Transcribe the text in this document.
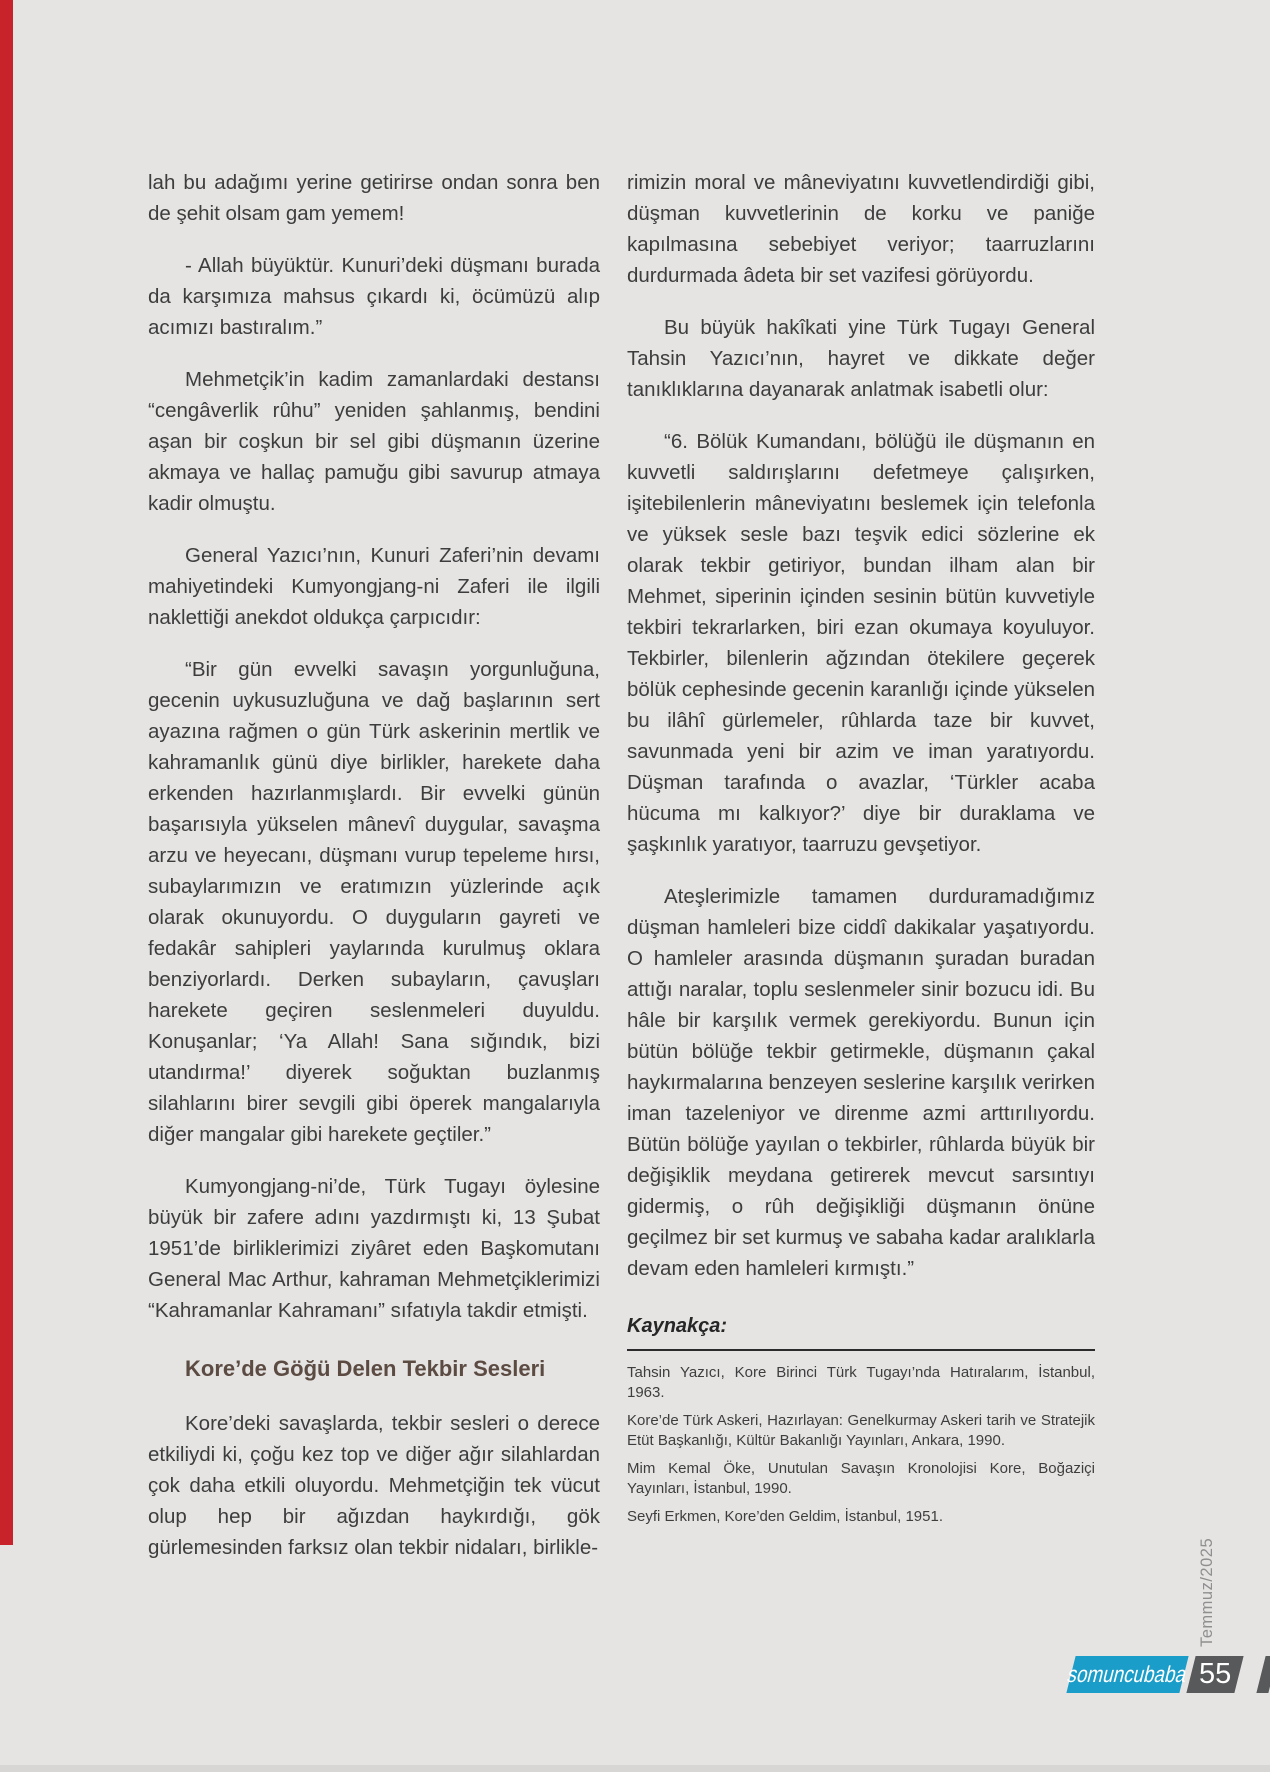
lah bu adağımı yerine getirirse ondan sonra ben de şehit olsam gam yemem!

- Allah büyüktür. Kunuri’deki düşmanı burada da karşımıza mahsus çıkardı ki, öcümüzü alıp acımızı bastıralım.”

Mehmetçik’in kadim zamanlardaki destansı “cengâverlik rûhu” yeniden şahlanmış, bendini aşan bir coşkun bir sel gibi düşmanın üzerine akmaya ve hallaç pamuğu gibi savurup atmaya kadir olmuştu.

General Yazıcı’nın, Kunuri Zaferi’nin devamı mahiyetindeki Kumyongjang-ni Zaferi ile ilgili naklettiği anekdot oldukça çarpıcıdır:

“Bir gün evvelki savaşın yorgunluğuna, gecenin uykusuzluğuna ve dağ başlarının sert ayazına rağmen o gün Türk askerinin mertlik ve kahramanlık günü diye birlikler, harekete daha erkenden hazırlanmışlardı. Bir evvelki günün başarısıyla yükselen mânevî duygular, savaşma arzu ve heyecanı, düşmanı vurup tepeleme hırsı, subaylarımızın ve eratımızın yüzlerinde açık olarak okunuyordu. O duyguların gayreti ve fedakâr sahipleri yaylarında kurulmuş oklara benziyorlardı. Derken subayların, çavuşları harekete geçiren seslenmeleri duyuldu. Konuşanlar; ‘Ya Allah! Sana sığındık, bizi utandırma!’ diyerek soğuktan buzlanmış silahlarını birer sevgili gibi öperek mangalarıyla diğer mangalar gibi harekete geçtiler.”

Kumyongjang-ni’de, Türk Tugayı öylesine büyük bir zafere adını yazdırmıştı ki, 13 Şubat 1951’de birliklerimizi ziyâret eden Başkomutanı General Mac Arthur, kahraman Mehmetçiklerimizi “Kahramanlar Kahramanı” sıfatıyla takdir etmişti.

Kore’de Göğü Delen Tekbir Sesleri

Kore’deki savaşlarda, tekbir sesleri o derece etkiliydi ki, çoğu kez top ve diğer ağır silahlardan çok daha etkili oluyordu. Mehmetçiğin tek vücut olup hep bir ağızdan haykırdığı, gök gürlemesinden farksız olan tekbir nidaları, birlikle-

rimizin moral ve mâneviyatını kuvvetlendirdiği gibi, düşman kuvvetlerinin de korku ve paniğe kapılmasına sebebiyet veriyor; taarruzlarını durdurmada âdeta bir set vazifesi görüyordu.

Bu büyük hakîkati yine Türk Tugayı General Tahsin Yazıcı’nın, hayret ve dikkate değer tanıklıklarına dayanarak anlatmak isabetli olur:

“6. Bölük Kumandanı, bölüğü ile düşmanın en kuvvetli saldırışlarını defetmeye çalışırken, işitebilenlerin mâneviyatını beslemek için telefonla ve yüksek sesle bazı teşvik edici sözlerine ek olarak tekbir getiriyor, bundan ilham alan bir Mehmet, siperinin içinden sesinin bütün kuvvetiyle tekbiri tekrarlarken, biri ezan okumaya koyuluyor. Tekbirler, bilenlerin ağzından ötekilere geçerek bölük cephesinde gecenin karanlığı içinde yükselen bu ilâhî gürlemeler, rûhlarda taze bir kuvvet, savunmada yeni bir azim ve iman yaratıyordu. Düşman tarafında o avazlar, ‘Türkler acaba hücuma mı kalkıyor?’ diye bir duraklama ve şaşkınlık yaratıyor, taarruzu gevşetiyor.

Ateşlerimizle tamamen durduramadığımız düşman hamleleri bize ciddî dakikalar yaşatıyordu. O hamleler arasında düşmanın şuradan buradan attığı naralar, toplu seslenmeler sinir bozucu idi. Bu hâle bir karşılık vermek gerekiyordu. Bunun için bütün bölüğe tekbir getirmekle, düşmanın çakal haykırmalarına benzeyen seslerine karşılık verirken iman tazeleniyor ve direnme azmi arttırılıyordu. Bütün bölüğe yayılan o tekbirler, rûhlarda büyük bir değişiklik meydana getirerek mevcut sarsıntıyı gidermiş, o rûh değişikliği düşmanın önüne geçilmez bir set kurmuş ve sabaha kadar aralıklarla devam eden hamleleri kırmıştı.”

Kaynakça:
Tahsin Yazıcı, Kore Birinci Türk Tugayı’nda Hatıralarım, İstanbul, 1963.
Kore’de Türk Askeri, Hazırlayan: Genelkurmay Askeri tarih ve Stratejik Etüt Başkanlığı, Kültür Bakanlığı Yayınları, Ankara, 1990.
Mim Kemal Öke, Unutulan Savaşın Kronolojisi Kore, Boğaziçi Yayınları, İstanbul, 1990.
Seyfi Erkmen, Kore’den Geldim, İstanbul, 1951.
Temmuz/2025
somuncubaba 55
